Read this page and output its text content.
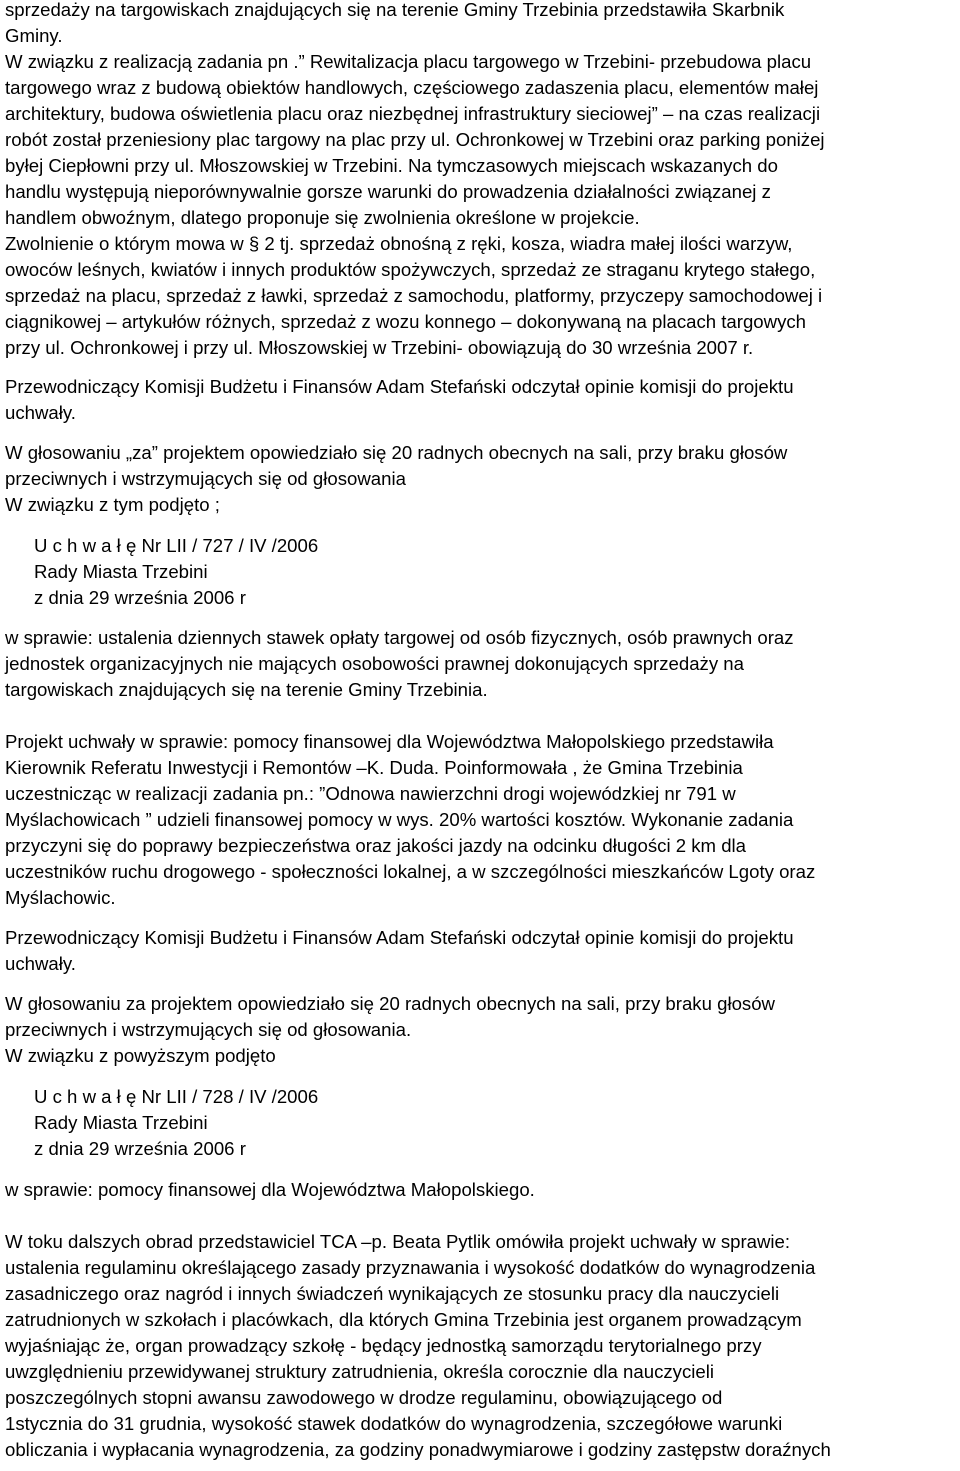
sprzedaży na targowiskach znajdujących się na terenie Gminy Trzebinia przedstawiła Skarbnik

Gminy.

W związku z realizacją zadania pn .” Rewitalizacja placu targowego w Trzebini- przebudowa placu

targowego wraz z budową obiektów handlowych, częściowego zadaszenia placu, elementów małej

architektury, budowa oświetlenia placu oraz niezbędnej infrastruktury sieciowej” – na czas realizacji

robót został przeniesiony plac targowy na plac przy ul. Ochronkowej w Trzebini oraz parking poniżej

byłej Ciepłowni przy ul. Młoszowskiej w Trzebini. Na tymczasowych miejscach wskazanych do

handlu występują nieporównywalnie gorsze warunki do prowadzenia działalności związanej z

handlem obwoźnym, dlatego proponuje się zwolnienia określone w projekcie.

Zwolnienie o którym mowa w § 2 tj. sprzedaż obnośną z ręki, kosza, wiadra małej ilości warzyw,

owoców leśnych, kwiatów i innych produktów spożywczych, sprzedaż ze straganu krytego stałego,

sprzedaż na placu, sprzedaż z ławki, sprzedaż z samochodu, platformy, przyczepy samochodowej i

ciągnikowej – artykułów różnych, sprzedaż z wozu konnego – dokonywaną na placach targowych

przy ul. Ochronkowej i przy ul. Młoszowskiej w Trzebini- obowiązują do 30 września 2007 r.

Przewodniczący Komisji Budżetu i Finansów Adam Stefański odczytał opinie komisji do projektu

uchwały.

W głosowaniu „za” projektem opowiedziało się 20 radnych obecnych na sali, przy braku głosów

przeciwnych i wstrzymujących się od głosowania

W związku z tym podjęto ;

U c h w a ł ę Nr LII / 727 / IV /2006

Rady Miasta Trzebini

z dnia 29 września 2006 r

w sprawie: ustalenia dziennych stawek opłaty targowej od osób fizycznych, osób prawnych oraz

jednostek organizacyjnych nie mających osobowości prawnej dokonujących sprzedaży na

targowiskach znajdujących się na terenie Gminy Trzebinia.

Projekt uchwały w sprawie: pomocy finansowej dla Województwa Małopolskiego przedstawiła

Kierownik Referatu Inwestycji i Remontów –K. Duda. Poinformowała , że Gmina Trzebinia

uczestnicząc w realizacji zadania pn.: ”Odnowa nawierzchni drogi wojewódzkiej nr 791 w

Myślachowicach ” udzieli finansowej pomocy w wys. 20% wartości kosztów. Wykonanie zadania

przyczyni się do poprawy bezpieczeństwa oraz jakości jazdy na odcinku długości 2 km dla

uczestników ruchu drogowego - społeczności lokalnej, a w szczególności mieszkańców Lgoty oraz

Myślachowic.

Przewodniczący Komisji Budżetu i Finansów Adam Stefański odczytał opinie komisji do projektu

uchwały.

W głosowaniu za projektem opowiedziało się 20 radnych obecnych na sali, przy braku głosów

przeciwnych i wstrzymujących się od głosowania.

W związku z powyższym podjęto

U c h w a ł ę Nr LII / 728 / IV /2006

Rady Miasta Trzebini

z dnia 29 września 2006 r

w sprawie: pomocy finansowej dla Województwa Małopolskiego.

W toku dalszych obrad przedstawiciel TCA –p. Beata Pytlik omówiła projekt uchwały w sprawie:

ustalenia regulaminu określającego zasady przyznawania i wysokość dodatków do wynagrodzenia

zasadniczego oraz nagród i innych świadczeń wynikających ze stosunku pracy dla nauczycieli

zatrudnionych w szkołach i placówkach, dla których Gmina Trzebinia jest organem prowadzącym

wyjaśniając że, organ prowadzący szkołę - będący jednostką samorządu terytorialnego przy

uwzględnieniu przewidywanej struktury zatrudnienia, określa corocznie dla nauczycieli

poszczególnych stopni awansu zawodowego w drodze regulaminu, obowiązującego od

1stycznia do 31 grudnia, wysokość stawek dodatków do wynagrodzenia, szczegółowe warunki

obliczania i wypłacania wynagrodzenia, za godziny ponadwymiarowe i godziny zastępstw doraźnych
